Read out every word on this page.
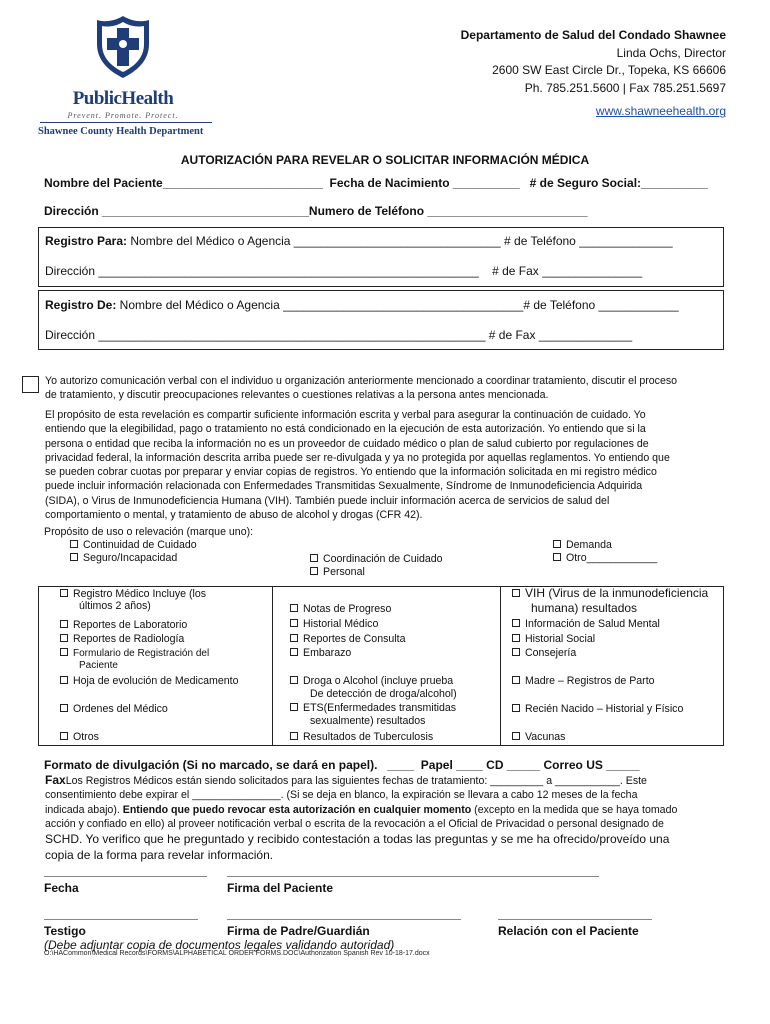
PublicHealth
Prevent. Promote. Protect.
Shawnee County Health Department
Departamento de Salud del Condado Shawnee
Linda Ochs, Director
2600 SW East Circle Dr., Topeka, KS 66606
Ph. 785.251.5600 | Fax 785.251.5697
www.shawneehealth.org
AUTORIZACIÓN PARA REVELAR O SOLICITAR INFORMACIÓN MÉDICA
Nombre del Paciente________________________  Fecha de Nacimiento __________   # de Seguro Social:__________
Dirección _______________________________Numero de Teléfono ________________________
Registro Para: Nombre del Médico o Agencia _______________________________ # de Teléfono ______________
Dirección _________________________________________________________    # de Fax _______________
Registro De: Nombre del Médico o Agencia ____________________________________# de Teléfono ____________
Dirección __________________________________________________________ # de Fax ______________
Yo autorizo comunicación verbal con el individuo u organización anteriormente mencionado a coordinar tratamiento, discutir el proceso
de tratamiento, y discutir preocupaciones relevantes o cuestiones relativas a la persona antes mencionada.
El propósito de esta revelación es compartir suficiente información escrita y verbal para asegurar la continuación de cuidado. Yo
entiendo que la elegibilidad, pago o tratamiento no está condicionado en la ejecución de esta autorización. Yo entiendo que si la
persona o entidad que reciba la información no es un proveedor de cuidado médico o plan de salud cubierto por regulaciones de
privacidad federal, la información descrita arriba puede ser re-divulgada y ya no protegida por aquellas reglamentos. Yo entiendo que
se pueden cobrar cuotas por preparar y enviar copias de registros. Yo entiendo que la información solicitada en mi registro médico
puede incluir información relacionada con Enfermedades Transmitidas Sexualmente, Síndrome de Inmunodeficiencia Adquirida
(SIDA), o Virus de Inmunodeficiencia Humana (VIH). También puede incluir información acerca de servicios de salud del
comportamiento o mental, y tratamiento de abuso de alcohol y drogas (CFR 42).
Propósito de uso o relevación (marque uno):
Continuidad de Cuidado
Seguro/Incapacidad	Coordinación de Cuidado
Personal
Demanda
Otro____________
Registro Médico Incluye (los
últimos 2 años)
Reportes de Laboratorio
Reportes de Radiología
Formulario de Registración del
Paciente
Hoja de evolución de Medicamento
Ordenes del Médico
Otros
Notas de Progreso
Historial Médico
Reportes de Consulta
Embarazo
Droga o Alcohol (incluye prueba
De detección de droga/alcohol)
ETS(Enfermedades transmitidas
sexualmente) resultados
Resultados de Tuberculosis
VIH (Virus de la inmunodeficiencia
humana) resultados
Información de Salud Mental
Historial Social
Consejería
Madre – Registros de Parto
Recién Nacido – Historial y Físico
Vacunas
Formato de divulgación (Si no marcado, se dará en papel).   ____  Papel ____ CD _____ Correo US _____
FaxLos Registros Médicos están siendo solicitados para las siguientes fechas de tratamiento: _________ a ___________. Este
consentimiento debe expirar el _______________. (Si se deja en blanco, la expiración se llevara a cabo 12 meses de la fecha
indicada abajo). Entiendo que puedo revocar esta autorización en cualquier momento (excepto en la medida que se haya tomado
acción y confiado en ello) al proveer notificación verbal o escrita de la revocación a el Oficial de Privacidad o personal designado de
SCHD. Yo verifico que he preguntado y recibido contestación a todas las preguntas y se me ha ofrecido/proveído una
copia de la forma para revelar información.
Fecha	Firma del Paciente
Testigo	Firma de Padre/Guardián	Relación con el Paciente
(Debe adjuntar copia de documentos legales validando autoridad)
O:\HACommon\Medical Records\FORMS\ALPHABETICAL ORDER FORMS.DOC\Authorization Spanish Rev 10-18-17.docx
